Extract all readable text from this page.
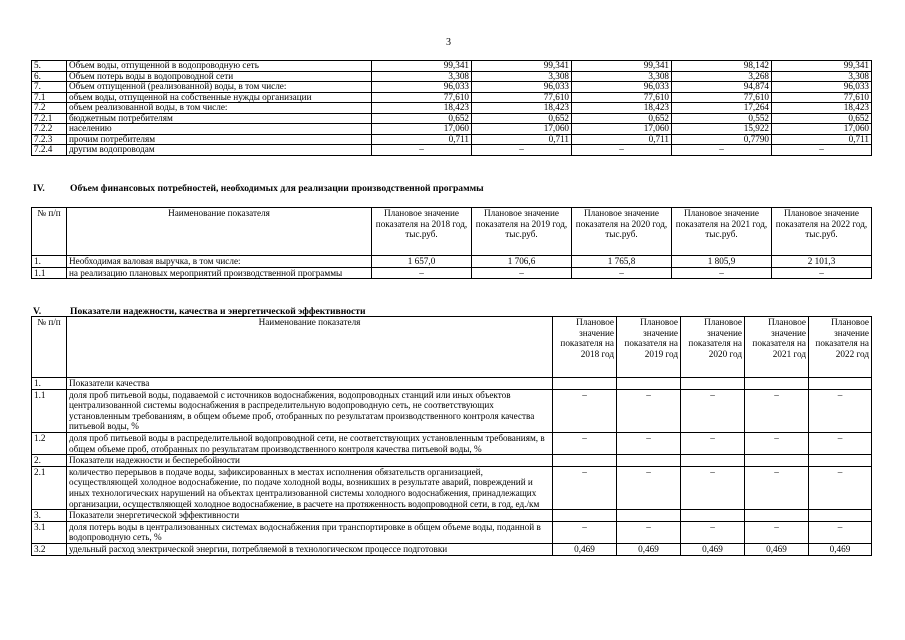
3
5.	Объем воды, отпущенной в водопроводную сеть	99,341	99,341	99,341	98,142	99,341
6.	Объем потерь воды в водопроводной сети	3,308	3,308	3,308	3,268	3,308
7.	Объем отпущенной (реализованной) воды, в том числе:	96,033	96,033	96,033	94,874	96,033
7.1	объем воды, отпущенной на собственные нужды организации	77,610	77,610	77,610	77,610	77,610
7.2	объем реализованной воды, в том числе:	18,423	18,423	18,423	17,264	18,423
7.2.1	бюджетным потребителям	0,652	0,652	0,652	0,552	0,652
7.2.2	населению	17,060	17,060	17,060	15,922	17,060
7.2.3	прочим потребителям	0,711	0,711	0,711	0,7790	0,711
7.2.4	другим водопроводам	–	–	–	–	–
IV.	Объем финансовых потребностей, необходимых для реализации производственной программы
№ п/п	Наименование показателя	Плановое значение показателя на 2018 год, тыс.руб.	Плановое значение показателя на 2019 год, тыс.руб.	Плановое значение показателя на 2020 год, тыс.руб.	Плановое значение показателя на 2021 год, тыс.руб.	Плановое значение показателя на 2022 год, тыс.руб.
1.	Необходимая валовая выручка, в том числе:	1 657,0	1 706,6	1 765,8	1 805,9	2 101,3
1.1	на реализацию плановых мероприятий производственной программы	–	–	–	–	–
V.	Показатели надежности, качества и энергетической эффективности
№ п/п	Наименование показателя	Плановое значение показателя на 2018 год	Плановое значение показателя на 2019 год	Плановое значение показателя на 2020 год	Плановое значение показателя на 2021 год	Плановое значение показателя на 2022 год
1.	Показатели качества					
1.1	доля проб питьевой воды, подаваемой с источников водоснабжения, водопроводных станций или иных объектов централизованной системы водоснабжения в распределительную водопроводную сеть, не соответствующих установленным требованиям, в общем объеме проб, отобранных по результатам производственного контроля качества питьевой воды, %	–	–	–	–	–
1.2	доля проб питьевой воды в распределительной водопроводной сети, не соответствующих установленным требованиям, в общем объеме проб, отобранных по результатам производственного контроля качества питьевой воды, %	–	–	–	–	–
2.	Показатели надежности и бесперебойности					
2.1	количество перерывов в подаче воды, зафиксированных в местах исполнения обязательств организацией, осуществляющей холодное водоснабжение, по подаче холодной воды, возникших в результате аварий, повреждений и иных технологических нарушений на объектах централизованной системы холодного водоснабжения, принадлежащих организации, осуществляющей холодное водоснабжение, в расчете на протяженность водопроводной сети, в год, ед./км	–	–	–	–	–
3.	Показатели энергетической эффективности					
3.1	доля потерь воды в централизованных системах водоснабжения при транспортировке в общем объеме воды, поданной в водопроводную сеть, %	–	–	–	–	–
3.2	удельный расход электрической энергии, потребляемой в технологическом процессе подготовки	0,469	0,469	0,469	0,469	0,469
